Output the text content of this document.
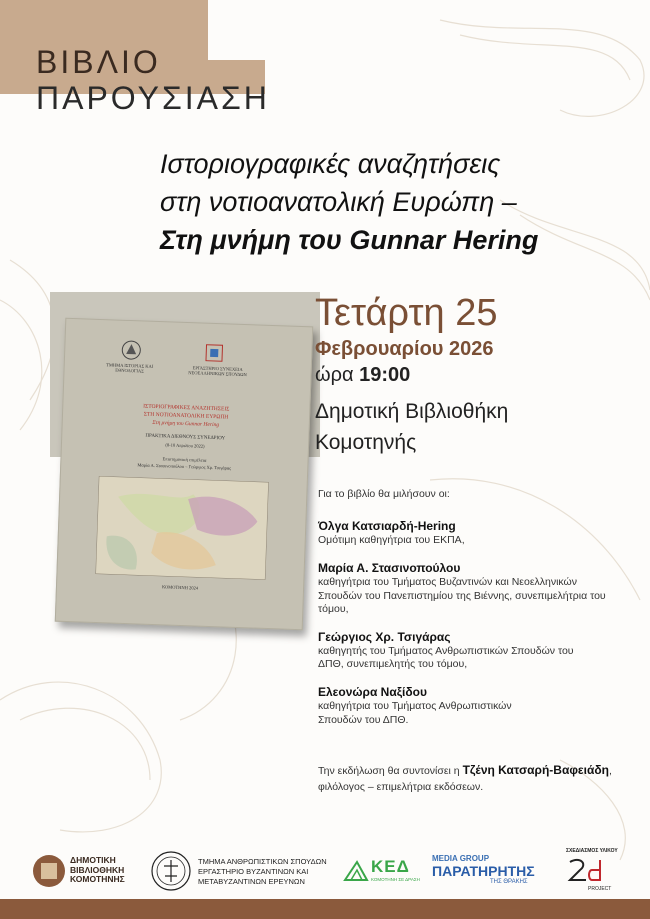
ΒΙΒΛΙΟ
ΠΑΡΟΥΣΙΑΣΗ
Ιστοριογραφικές αναζητήσεις
στη νοτιοανατολική Ευρώπη –
Στη μνήμη του Gunnar Hering
ΤΜΗΜΑ ΙΣΤΟΡΙΑΣ ΚΑΙ ΕΘΝΟΛΟΓΙΑΣ	ΕΡΓΑΣΤΗΡΙΟ ΣΥΝΕΧΕΙΑ ΝΕΟΕΛΛΗΝΙΚΩΝ ΣΠΟΥΔΩΝ
ΙΣΤΟΡΙΟΓΡΑΦΙΚΕΣ ΑΝΑΖΗΤΗΣΕΙΣ
ΣΤΗ ΝΟΤΙΟΑΝΑΤΟΛΙΚΗ ΕΥΡΩΠΗ
Στη μνήμη του Gunnar Hering
ΠΡΑΚΤΙΚΑ ΔΙΕΘΝΟΥΣ ΣΥΝΕΔΡΙΟΥ
(8-10 Απριλίου 2022)
Επιστημονική επιμέλεια
Μαρία Α. Στασινοπούλου – Γεώργιος Χρ. Τσιγάρας
ΚΟΜΟΤΗΝΗ 2024
Τετάρτη 25
Φεβρουαρίου 2026
ώρα 19:00
Δημοτική Βιβλιοθήκη
Κομοτηνής
Για το βιβλίο θα μιλήσουν οι:
Όλγα Κατσιαρδή-Hering
Ομότιμη καθηγήτρια του ΕΚΠΑ,
Μαρία Α. Στασινοπούλου
καθηγήτρια του Τμήματος Βυζαντινών και Νεοελληνικών Σπουδών του Πανεπιστημίου της Βιέννης, συνεπιμελήτρια του τόμου,
Γεώργιος Χρ. Τσιγάρας
καθηγητής του Τμήματος Ανθρωπιστικών Σπουδών του ΔΠΘ, συνεπιμελητής του τόμου,
Ελεονώρα Ναξίδου
καθηγήτρια του Τμήματος Ανθρωπιστικών Σπουδών του ΔΠΘ.
Την εκδήλωση θα συντονίσει η Τζένη Κατσαρή-Βαφειάδη, φιλόλογος – επιμελήτρια εκδόσεων.
ΔΗΜΟΤΙΚΗ
ΒΙΒΛΙΟΘΗΚΗ
ΚΟΜΟΤΗΝΗΣ
ΤΜΗΜΑ ΑΝΘΡΩΠΙΣΤΙΚΩΝ ΣΠΟΥΔΩΝ
ΕΡΓΑΣΤΗΡΙΟ ΒΥΖΑΝΤΙΝΩΝ ΚΑΙ
ΜΕΤΑΒΥΖΑΝΤΙΝΩΝ ΕΡΕΥΝΩΝ
ΚΕΔ
ΚΟΜΟΤΗΝΗ ΣΕ ΔΡΑΣΗ
MEDIA GROUP
ΠΑΡΑΤΗΡΗΤΗΣ
ΤΗΣ ΘΡΑΚΗΣ
ΣΧΕΔΙΑΣΜΟΣ ΥΛΙΚΟΥ
PROJECT
